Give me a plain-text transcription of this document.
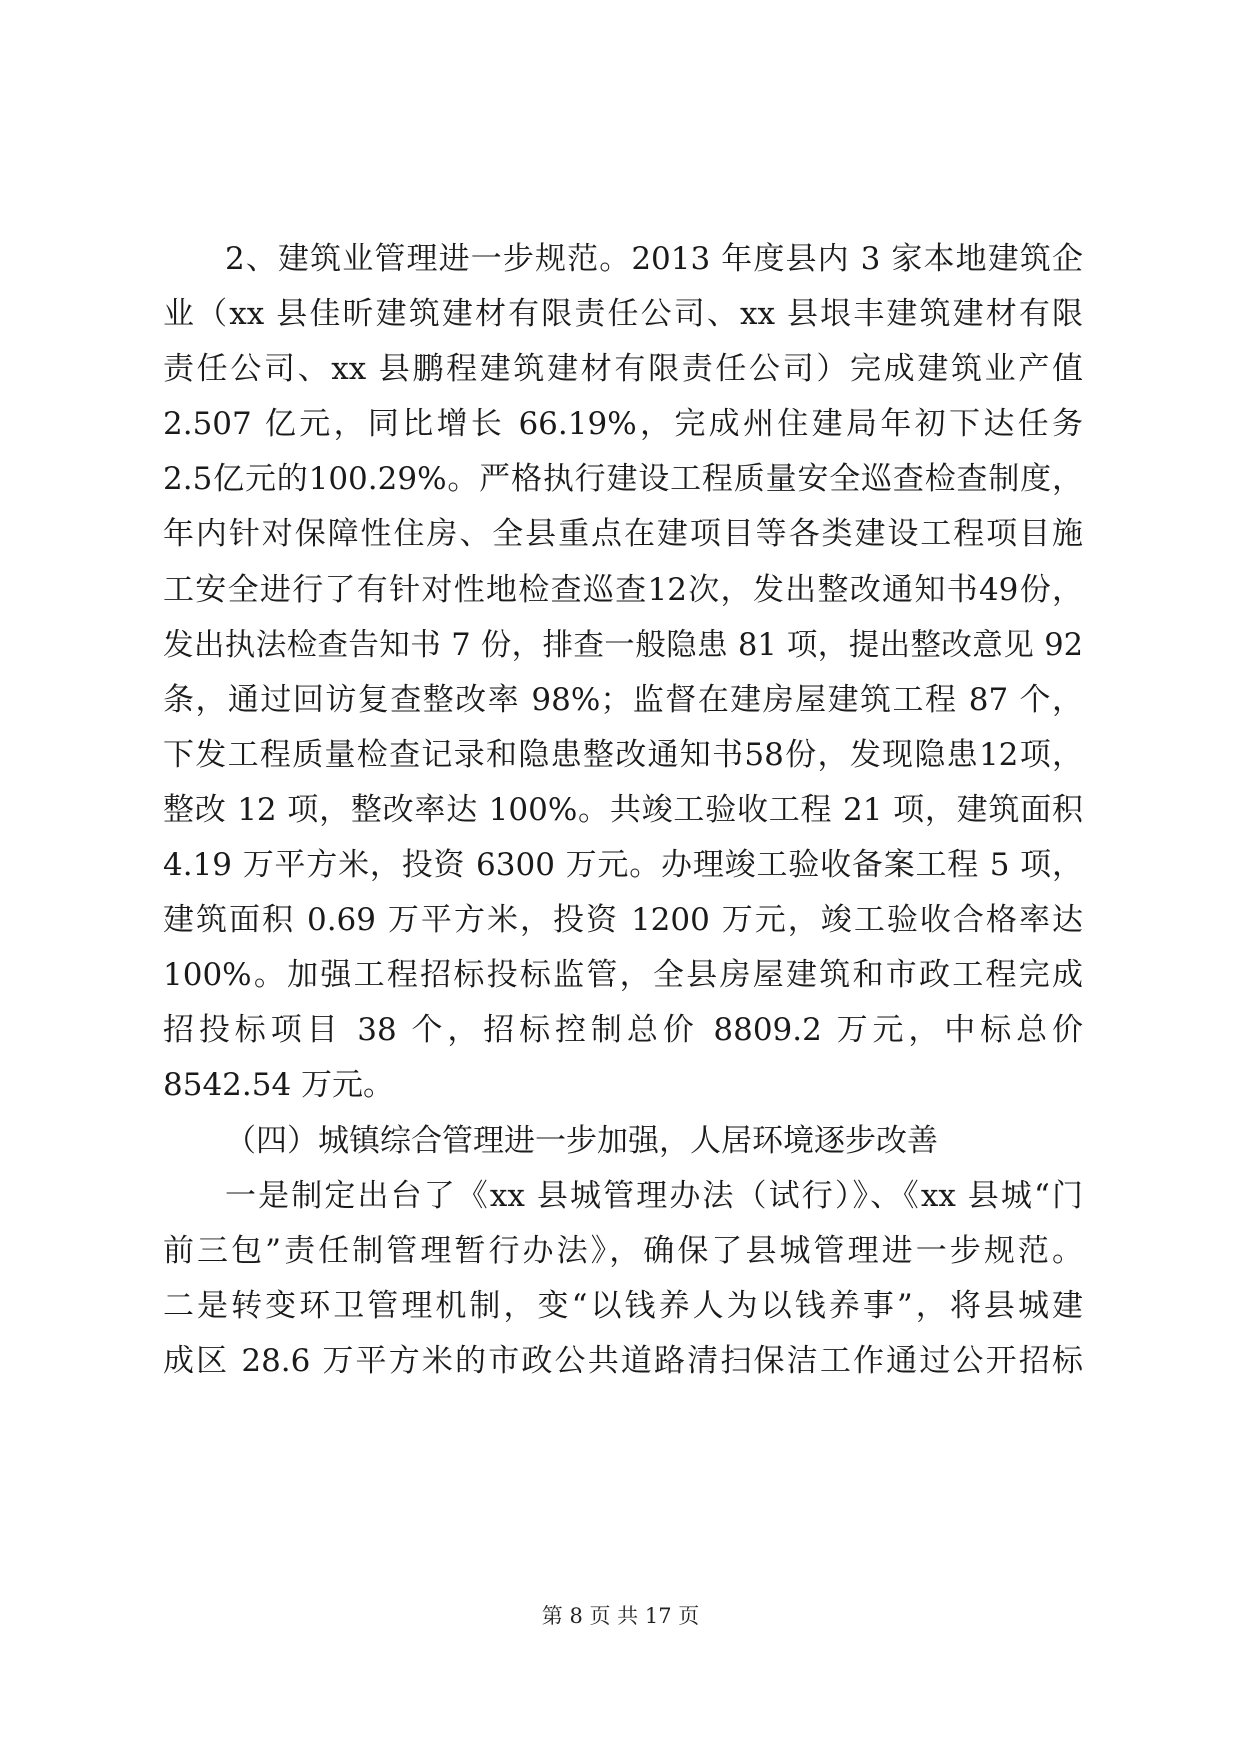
2、建筑业管理进一步规范。2013 年度县内 3 家本地建筑企
业（xx 县佳昕建筑建材有限责任公司、xx 县垠丰建筑建材有限
责任公司、xx 县鹏程建筑建材有限责任公司）完成建筑业产值
2.507 亿元，同比增长 66.19%，完成州住建局年初下达任务
2.5亿元的100.29%。严格执行建设工程质量安全巡查检查制度，
年内针对保障性住房、全县重点在建项目等各类建设工程项目施
工安全进行了有针对性地检查巡查12次，发出整改通知书49份，
发出执法检查告知书 7 份，排查一般隐患 81 项，提出整改意见 92
条，通过回访复查整改率 98%；监督在建房屋建筑工程 87 个，
下发工程质量检查记录和隐患整改通知书58份，发现隐患12项，
整改 12 项，整改率达 100%。共竣工验收工程 21 项，建筑面积
4.19 万平方米，投资 6300 万元。办理竣工验收备案工程 5 项，
建筑面积 0.69 万平方米，投资 1200 万元，竣工验收合格率达
100%。加强工程招标投标监管，全县房屋建筑和市政工程完成
招投标项目 38 个，招标控制总价 8809.2 万元，中标总价
8542.54 万元。
（四）城镇综合管理进一步加强，人居环境逐步改善
一是制定出台了《xx 县城管理办法（试行）》、《xx 县城“门
前三包”责任制管理暂行办法》，确保了县城管理进一步规范。
二是转变环卫管理机制，变“以钱养人为以钱养事”，将县城建
成区 28.6 万平方米的市政公共道路清扫保洁工作通过公开招标
第 8 页 共 17 页
